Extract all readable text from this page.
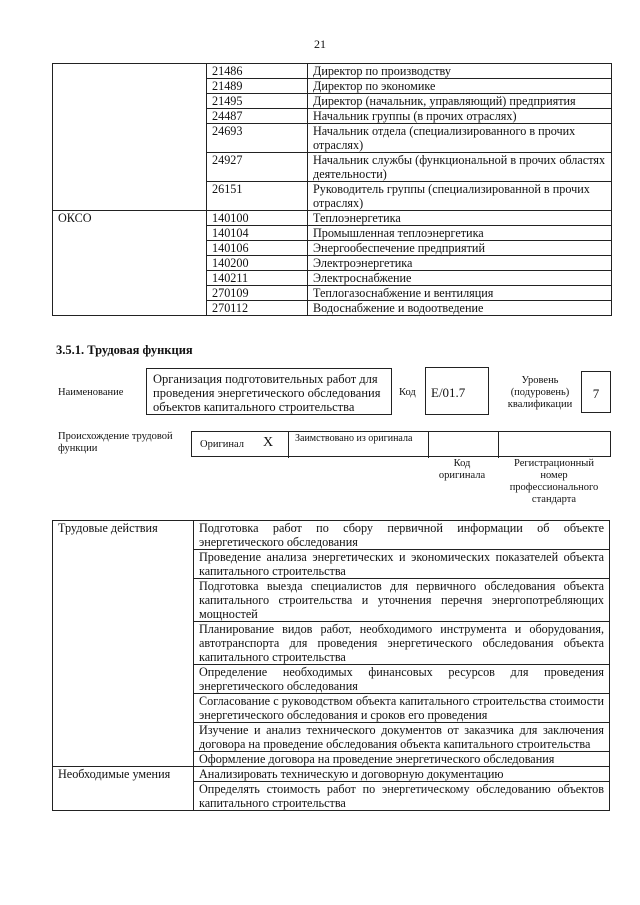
21
	21486	Директор по производству
	21489	Директор по экономике
	21495	Директор (начальник, управляющий) предприятия
	24487	Начальник группы (в прочих отраслях)
	24693	Начальник отдела (специализированного в прочих отраслях)
	24927	Начальник службы (функциональной в прочих областях деятельности)
	26151	Руководитель группы (специализированной в прочих отраслях)
ОКСО	140100	Теплоэнергетика
	140104	Промышленная теплоэнергетика
	140106	Энергообеспечение предприятий
	140200	Электроэнергетика
	140211	Электроснабжение
	270109	Теплогазоснабжение и вентиляция
	270112	Водоснабжение и водоотведение
3.5.1. Трудовая функция
Наименование
Организация подготовительных работ для проведения энергетического обследования объектов капитального строительства
Код	E/01.7
Уровень (подуровень) квалификации
7
Происхождение трудовой функции	Оригинал X Заимствовано из оригинала
Код оригинала
Регистрационный номер профессионального стандарта
Трудовые действия	Подготовка работ по сбору первичной информации об объекте энергетического обследования
	Проведение анализа энергетических и экономических показателей объекта капитального строительства
	Подготовка выезда специалистов для первичного обследования объекта капитального строительства и уточнения перечня энергопотребляющих мощностей
	Планирование видов работ, необходимого инструмента и оборудования, автотранспорта для проведения энергетического обследования объекта капитального строительства
	Определение необходимых финансовых ресурсов для проведения энергетического обследования
	Согласование с руководством объекта капитального строительства стоимости энергетического обследования и сроков его проведения
	Изучение и анализ технического документов от заказчика для заключения договора на проведение обследования объекта капитального строительства
	Оформление договора на проведение энергетического обследования
Необходимые умения	Анализировать техническую и договорную документацию
	Определять стоимость работ по энергетическому обследованию объектов капитального строительства
